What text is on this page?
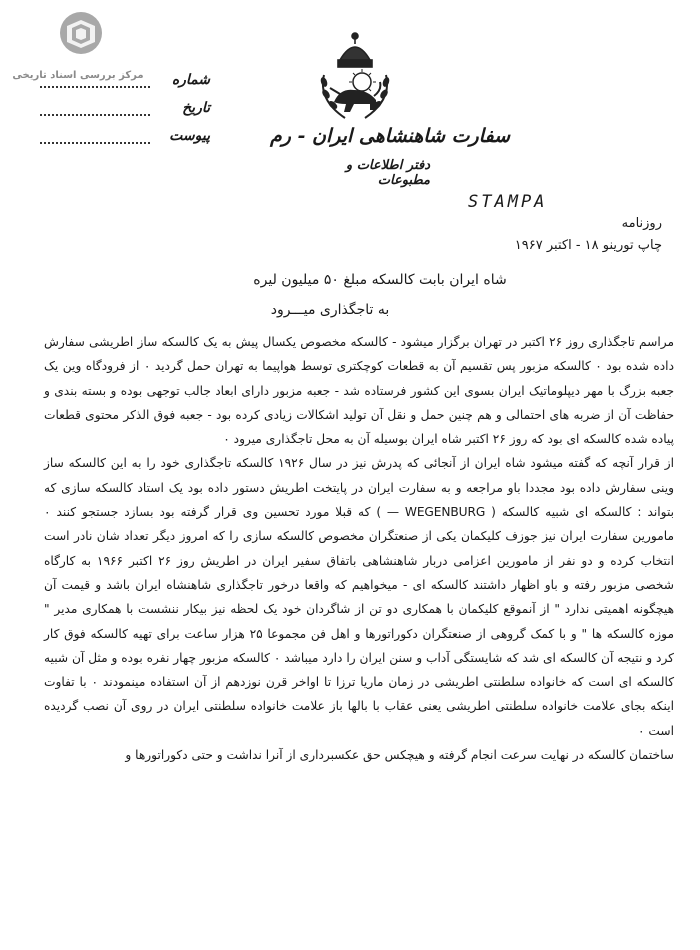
مرکز بررسی اسناد تاریخی	شماره
تاریخ
پیوست	سفارت شاهنشاهی ایران - رم
دفتر اطلاعات و مطبوعات
STAMPA
روزنامه
چاپ تورینو ۱۸ - اکتبر ۱۹۶۷
شاه ایران بابت کالسکه مبلغ ۵۰ میلیون لیره
به تاجگذاری میـــرود

مراسم تاجگذاری روز ۲۶ اکتبر در تهران برگزار میشود - کالسکه مخصوص یکسال پیش به یک کالسکه ساز اطریشی سفارش داده شده بود ۰ کالسکه مزبور پس تقسیم آن به قطعات کوچکتری توسط هواپیما به تهران حمل گردید ۰ از فرودگاه وین یک جعبه بزرگ با مهر دیپلوماتیک ایران بسوی این کشور فرستاده شد - جعبه مزبور دارای ابعاد جالب توجهی بوده و بسته بندی و حفاظت آن از ضربه های احتمالی و هم چنین حمل و نقل آن تولید اشکالات زیادی کرده بود - جعبه فوق الذکر محتوی قطعات پیاده شده کالسکه ای بود که روز ۲۶ اکتبر شاه ایران بوسیله آن به محل تاجگذاری میرود ۰

از قرار آنچه که گفته میشود شاه ایران از آنجائی که پدرش نیز در سال ۱۹۲۶ کالسکه تاجگذاری خود را به این کالسکه ساز وینی سفارش داده بود مجددا باو مراجعه و به سفارت ایران در پایتخت اطریش دستور داده بود یک استاد کالسکه سازی که بتواند : کالسکه ای شبیه کالسکه ( WEGENBURG — ) که قبلا مورد تحسین وی قرار گرفته بود بسازد جستجو کنند ۰ مامورین سفارت ایران نیز جوزف کلیکمان یکی از صنعتگران مخصوص کالسکه سازی را که امروز دیگر تعداد شان نادر است انتخاب کرده و دو نفر از مامورین اعزامی دربار شاهنشاهی باتفاق سفیر ایران در اطریش روز ۲۶ اکتبر ۱۹۶۶ به کارگاه شخصی مزبور رفته و باو اظهار داشتند کالسکه ای - میخواهیم که واقعا درخور تاجگذاری شاهنشاه ایران باشد و قیمت آن هیچگونه اهمیتی ندارد " از آنموقع کلیکمان با همکاری دو تن از شاگردان خود یک لحظه نیز بیکار ننشست با همکاری مدیر " موزه کالسکه ها " و با کمک گروهی از صنعتگران دکوراتورها و اهل فن مجموعا ۲۵ هزار ساعت برای تهیه کالسکه فوق کار کرد و نتیجه آن کالسکه ای شد که شایستگی آداب و سنن ایران را دارد میباشد ۰ کالسکه مزبور چهار نفره بوده و مثل آن شبیه کالسکه ای است که خانواده سلطنتی اطریشی در زمان ماریا ترزا تا اواخر قرن نوزدهم از آن استفاده مینمودند ۰ با تفاوت اینکه بجای علامت خانواده سلطنتی اطریشی یعنی عقاب با بالها باز علامت خانواده سلطنتی ایران در روی آن نصب گردیده است ۰

ساختمان کالسکه در نهایت سرعت انجام گرفته و هیچکس حق عکسبرداری از آنرا نداشت و حتی دکوراتورها و
